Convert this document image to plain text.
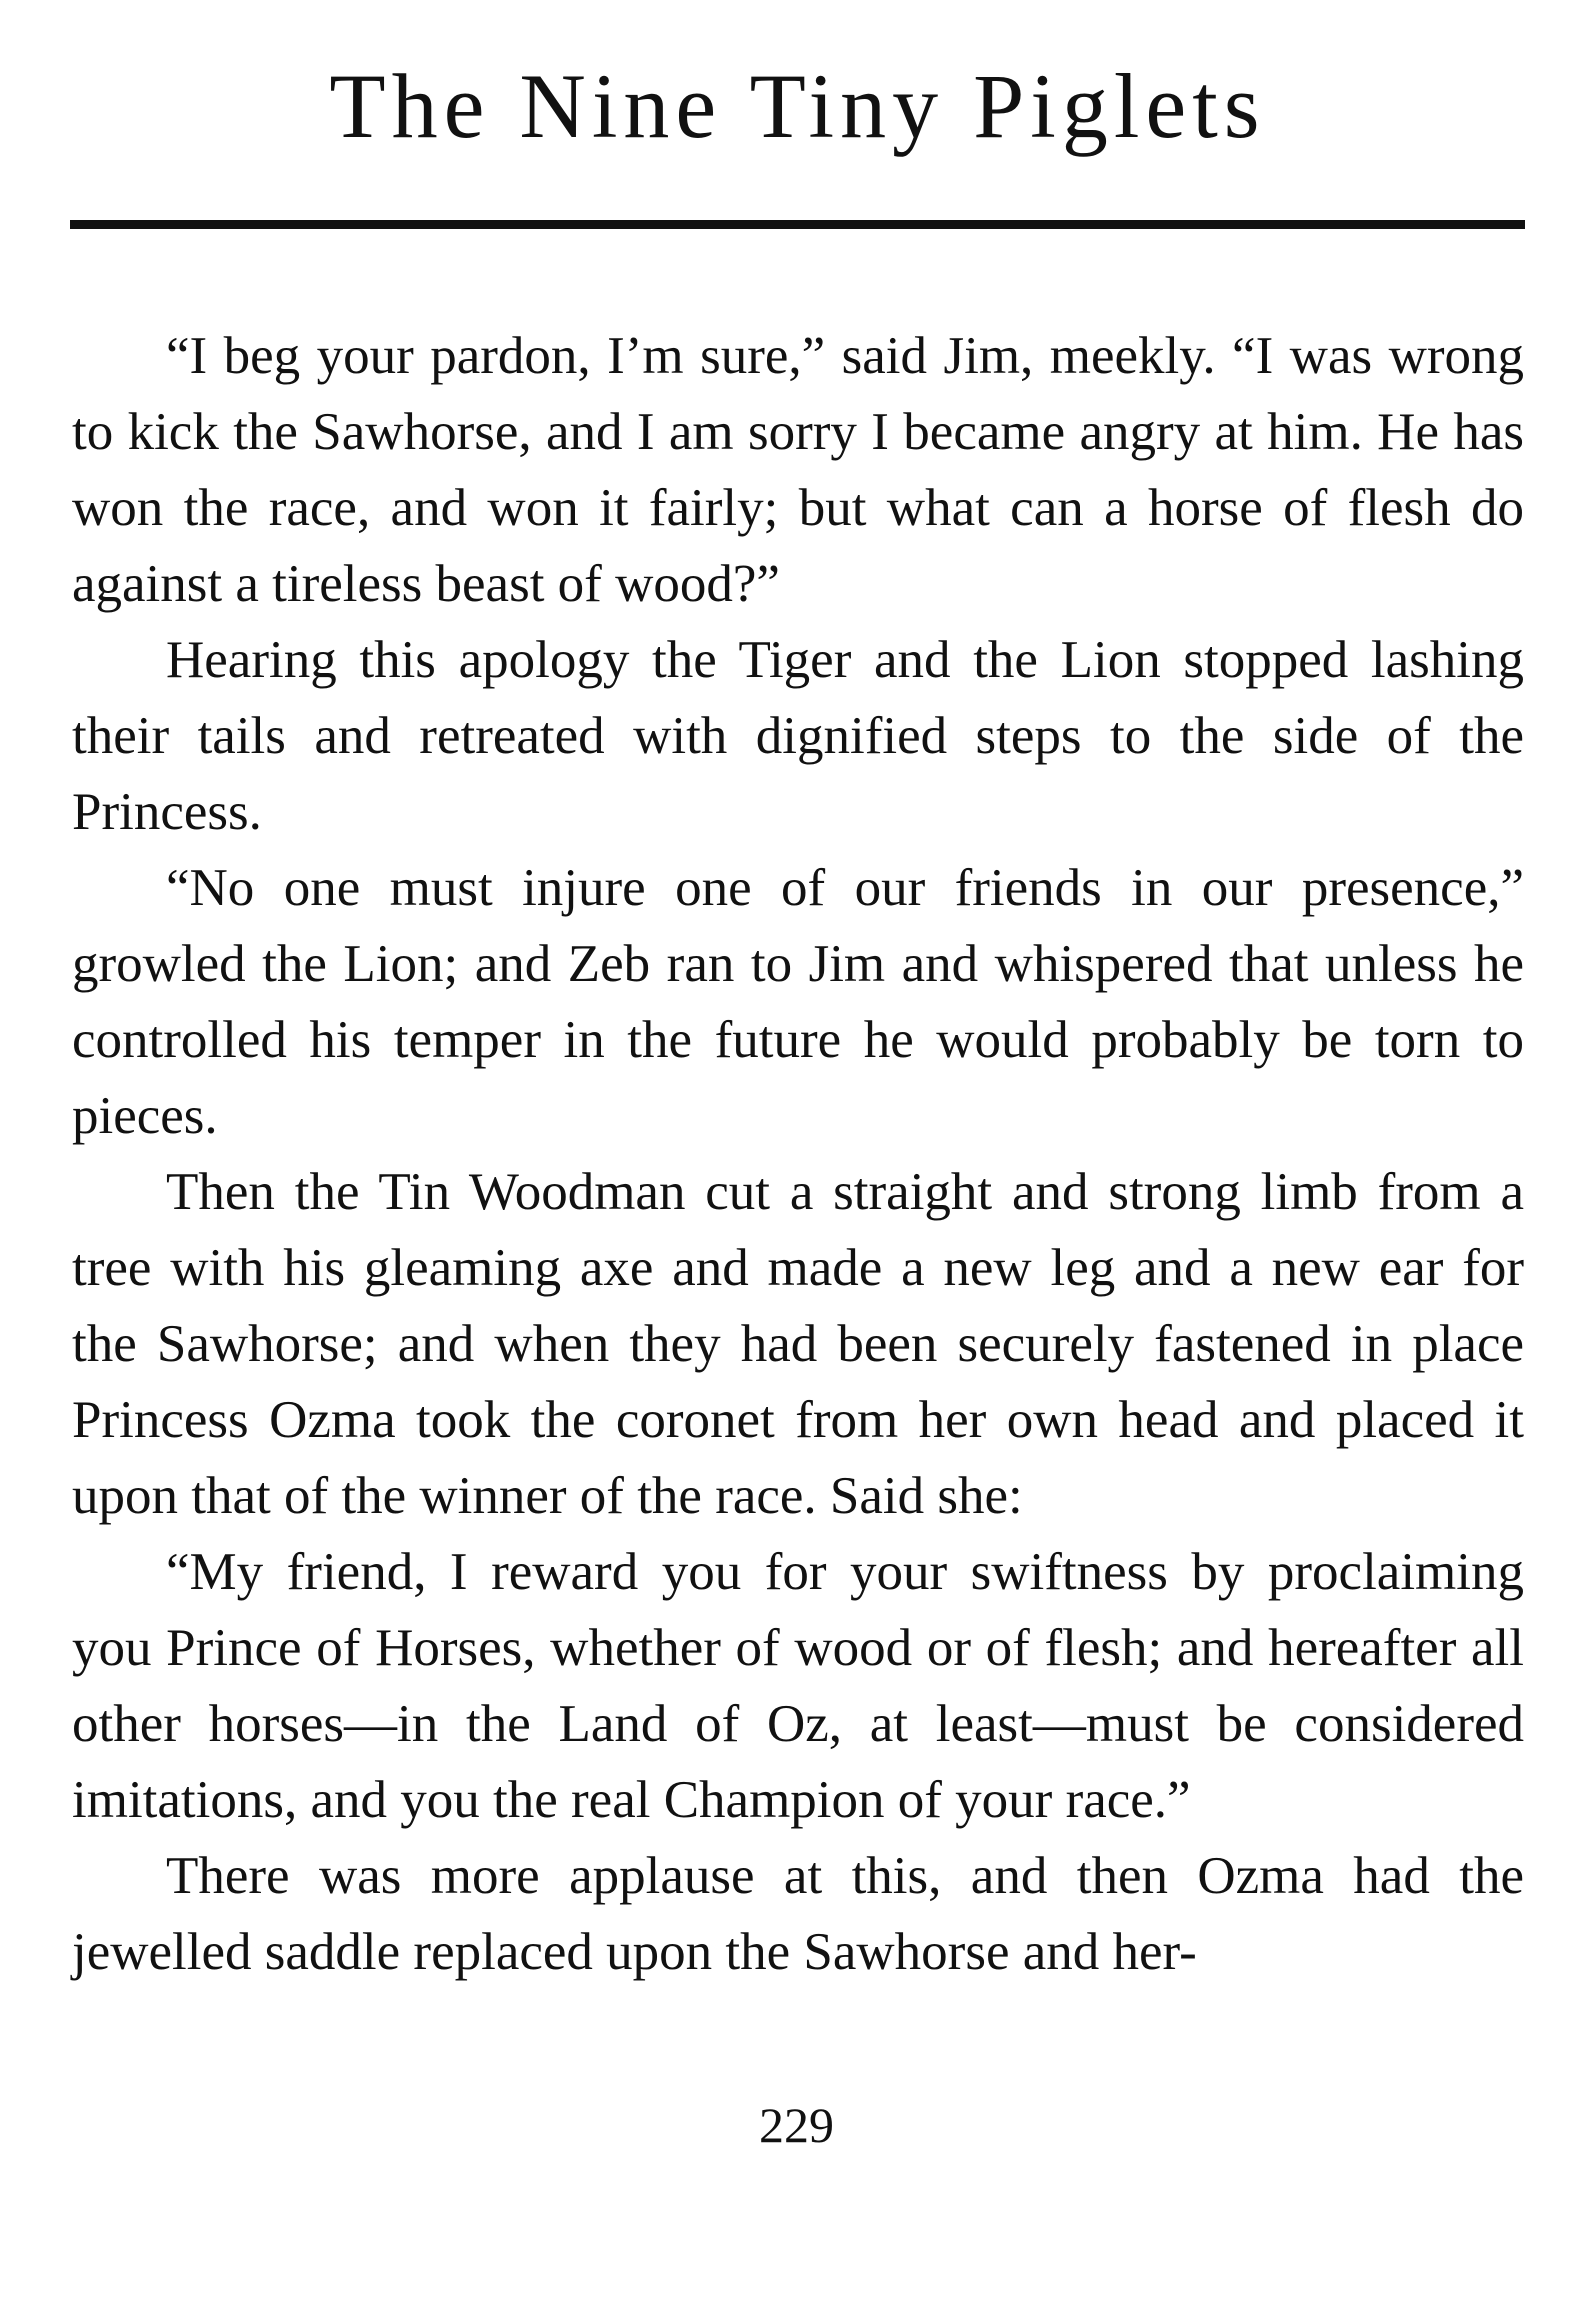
The Nine Tiny Piglets

“I beg your pardon, I’m sure,” said Jim, meekly. “I was wrong to kick the Sawhorse, and I am sorry I became angry at him. He has won the race, and won it fairly; but what can a horse of flesh do against a tireless beast of wood?”

Hearing this apology the Tiger and the Lion stopped lashing their tails and retreated with dignified steps to the side of the Princess.

“No one must injure one of our friends in our presence,” growled the Lion; and Zeb ran to Jim and whispered that unless he controlled his temper in the future he would probably be torn to pieces.

Then the Tin Woodman cut a straight and strong limb from a tree with his gleaming axe and made a new leg and a new ear for the Sawhorse; and when they had been securely fastened in place Princess Ozma took the coronet from her own head and placed it upon that of the winner of the race. Said she:

“My friend, I reward you for your swiftness by proclaiming you Prince of Horses, whether of wood or of flesh; and hereafter all other horses—in the Land of Oz, at least—must be considered imitations, and you the real Champion of your race.”

There was more applause at this, and then Ozma had the jewelled saddle replaced upon the Sawhorse and her-

229
